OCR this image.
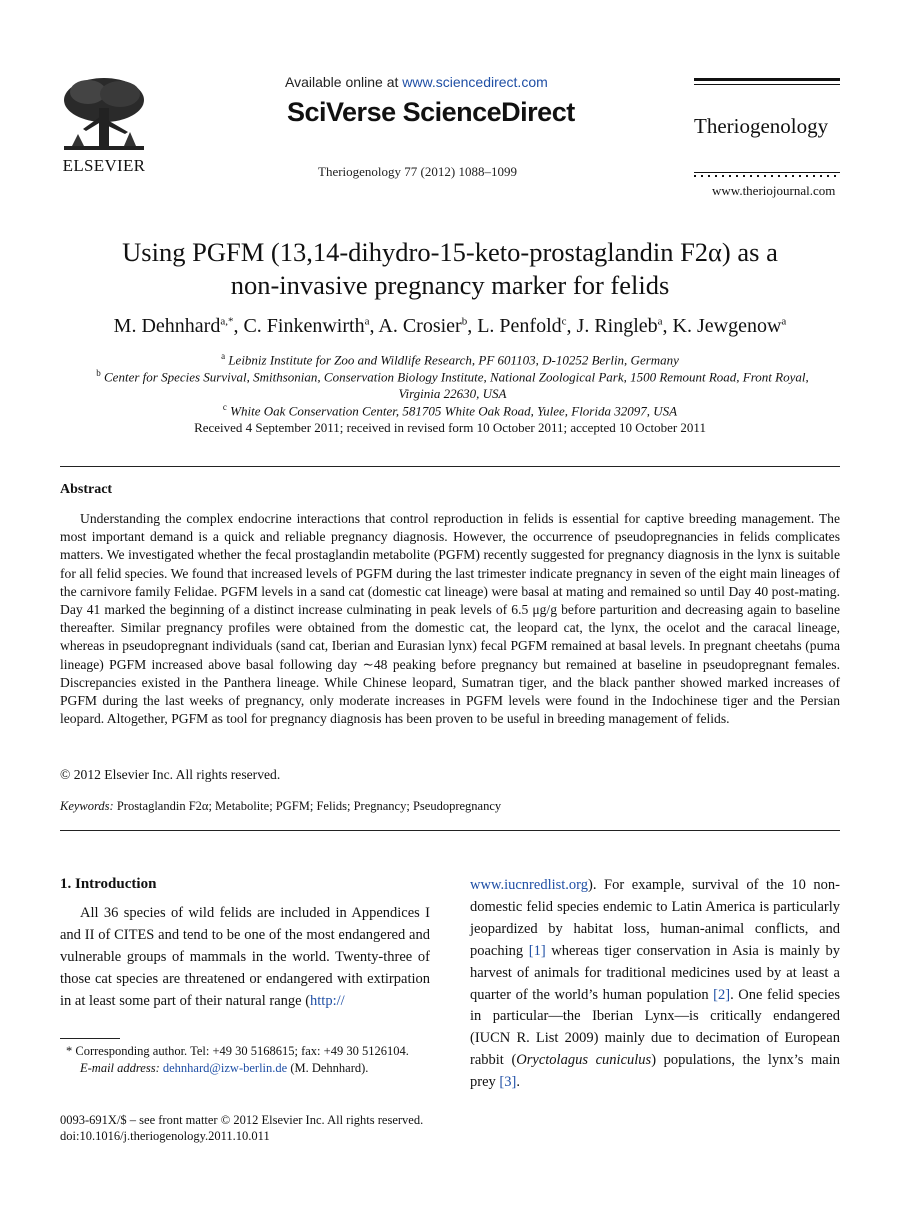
ELSEVIER
Available online at www.sciencedirect.com
SciVerse ScienceDirect
Theriogenology 77 (2012) 1088–1099
Theriogenology
www.theriojournal.com
Using PGFM (13,14-dihydro-15-keto-prostaglandin F2α) as a
non-invasive pregnancy marker for felids
M. Dehnhard$^{a,*}$, C. Finkenwirth$^a$, A. Crosier$^b$, L. Penfold$^c$, J. Ringleb$^a$, K. Jewgenow$^a$
$^a$ Leibniz Institute for Zoo and Wildlife Research, PF 601103, D-10252 Berlin, Germany
$^b$ Center for Species Survival, Smithsonian, Conservation Biology Institute, National Zoological Park, 1500 Remount Road, Front Royal, Virginia 22630, USA
$^c$ White Oak Conservation Center, 581705 White Oak Road, Yulee, Florida 32097, USA
Received 4 September 2011; received in revised form 10 October 2011; accepted 10 October 2011
Abstract
Understanding the complex endocrine interactions that control reproduction in felids is essential for captive breeding management. The most important demand is a quick and reliable pregnancy diagnosis. However, the occurrence of pseudopregnancies in felids complicates matters. We investigated whether the fecal prostaglandin metabolite (PGFM) recently suggested for pregnancy diagnosis in the lynx is suitable for all felid species. We found that increased levels of PGFM during the last trimester indicate pregnancy in seven of the eight main lineages of the carnivore family Felidae. PGFM levels in a sand cat (domestic cat lineage) were basal at mating and remained so until Day 40 post-mating. Day 41 marked the beginning of a distinct increase culminating in peak levels of 6.5 μg/g before parturition and decreasing again to baseline thereafter. Similar pregnancy profiles were obtained from the domestic cat, the leopard cat, the lynx, the ocelot and the caracal lineage, whereas in pseudopregnant individuals (sand cat, Iberian and Eurasian lynx) fecal PGFM remained at basal levels. In pregnant cheetahs (puma lineage) PGFM increased above basal following day ∼48 peaking before pregnancy but remained at baseline in pseudopregnant females. Discrepancies existed in the Panthera lineage. While Chinese leopard, Sumatran tiger, and the black panther showed marked increases of PGFM during the last weeks of pregnancy, only moderate increases in PGFM levels were found in the Indochinese tiger and the Persian leopard. Altogether, PGFM as tool for pregnancy diagnosis has been proven to be useful in breeding management of felids.
© 2012 Elsevier Inc. All rights reserved.
Keywords: Prostaglandin F2α; Metabolite; PGFM; Felids; Pregnancy; Pseudopregnancy
1. Introduction

All 36 species of wild felids are included in Appendices I and II of CITES and tend to be one of the most endangered and vulnerable groups of mammals in the world. Twenty-three of those cat species are threatened or endangered with extirpation in at least some part of their natural range (http://

www.iucnredlist.org). For example, survival of the 10 non-domestic felid species endemic to Latin America is particularly jeopardized by habitat loss, human-animal conflicts, and poaching [1] whereas tiger conservation in Asia is mainly by harvest of animals for traditional medicines used by at least a quarter of the world’s human population [2]. One felid species in particular—the Iberian Lynx—is critically endangered (IUCN R. List 2009) mainly due to decimation of European rabbit (Oryctolagus cuniculus) populations, the lynx’s main prey [3].

* Corresponding author. Tel: +49 30 5168615; fax: +49 30 5126104.
E-mail address: dehnhard@izw-berlin.de (M. Dehnhard).
0093-691X/$ – see front matter © 2012 Elsevier Inc. All rights reserved.
doi:10.1016/j.theriogenology.2011.10.011
